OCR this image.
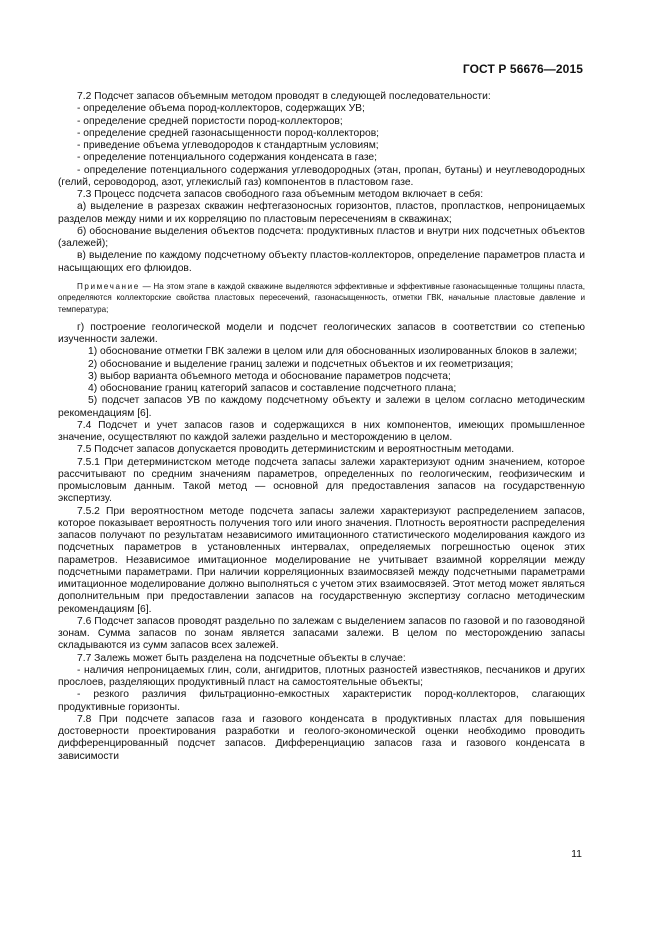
ГОСТ Р 56676—2015

7.2 Подсчет запасов объемным методом проводят в следующей последовательности:

- определение объема пород-коллекторов, содержащих УВ;

- определение средней пористости пород-коллекторов;

- определение средней газонасыщенности пород-коллекторов;

- приведение объема углеводородов к стандартным условиям;

- определение потенциального содержания конденсата в газе;

- определение потенциального содержания углеводородных (этан, пропан, бутаны) и неуглеводородных (гелий, сероводород, азот, углекислый газ) компонентов в пластовом газе.

7.3 Процесс подсчета запасов свободного газа объемным методом включает в себя:

а) выделение в разрезах скважин нефтегазоносных горизонтов, пластов, пропластков, непроницаемых разделов между ними и их корреляцию по пластовым пересечениям в скважинах;

б) обоснование выделения объектов подсчета: продуктивных пластов и внутри них подсчетных объектов (залежей);

в) выделение по каждому подсчетному объекту пластов-коллекторов, определение параметров пласта и насыщающих его флюидов.

Примечание — На этом этапе в каждой скважине выделяются эффективные и эффективные газонасыщенные толщины пласта, определяются коллекторские свойства пластовых пересечений, газонасыщенность, отметки ГВК, начальные пластовые давление и температура;

г) построение геологической модели и подсчет геологических запасов в соответствии со степенью изученности залежи.

1) обоснование отметки ГВК залежи в целом или для обоснованных изолированных блоков в залежи;

2) обоснование и выделение границ залежи и подсчетных объектов и их геометризация;

3) выбор варианта объемного метода и обоснование параметров подсчета;

4) обоснование границ категорий запасов и составление подсчетного плана;

5) подсчет запасов УВ по каждому подсчетному объекту и залежи в целом согласно методическим рекомендациям [6].

7.4 Подсчет и учет запасов газов и содержащихся в них компонентов, имеющих промышленное значение, осуществляют по каждой залежи раздельно и месторождению в целом.

7.5 Подсчет запасов допускается проводить детерминистским и вероятностным методами.

7.5.1 При детерминистском методе подсчета запасы залежи характеризуют одним значением, которое рассчитывают по средним значениям параметров, определенных по геологическим, геофизическим и промысловым данным. Такой метод — основной для предоставления запасов на государственную экспертизу.

7.5.2 При вероятностном методе подсчета запасы залежи характеризуют распределением запасов, которое показывает вероятность получения того или иного значения. Плотность вероятности распределения запасов получают по результатам независимого имитационного статистического моделирования каждого из подсчетных параметров в установленных интервалах, определяемых погрешностью оценок этих параметров. Независимое имитационное моделирование не учитывает взаимной корреляции между подсчетными параметрами. При наличии корреляционных взаимосвязей между подсчетными параметрами имитационное моделирование должно выполняться с учетом этих взаимосвязей. Этот метод может являться дополнительным при предоставлении запасов на государственную экспертизу согласно методическим рекомендациям [6].

7.6 Подсчет запасов проводят раздельно по залежам с выделением запасов по газовой и по газоводяной зонам. Сумма запасов по зонам является запасами залежи. В целом по месторождению запасы складываются из сумм запасов всех залежей.

7.7 Залежь может быть разделена на подсчетные объекты в случае:

- наличия непроницаемых глин, соли, ангидритов, плотных разностей известняков, песчаников и других прослоев, разделяющих продуктивный пласт на самостоятельные объекты;

- резкого различия фильтрационно-емкостных характеристик пород-коллекторов, слагающих продуктивные горизонты.

7.8 При подсчете запасов газа и газового конденсата в продуктивных пластах для повышения достоверности проектирования разработки и геолого-экономической оценки необходимо проводить дифференцированный подсчет запасов. Дифференциацию запасов газа и газового конденсата в зависимости

11
